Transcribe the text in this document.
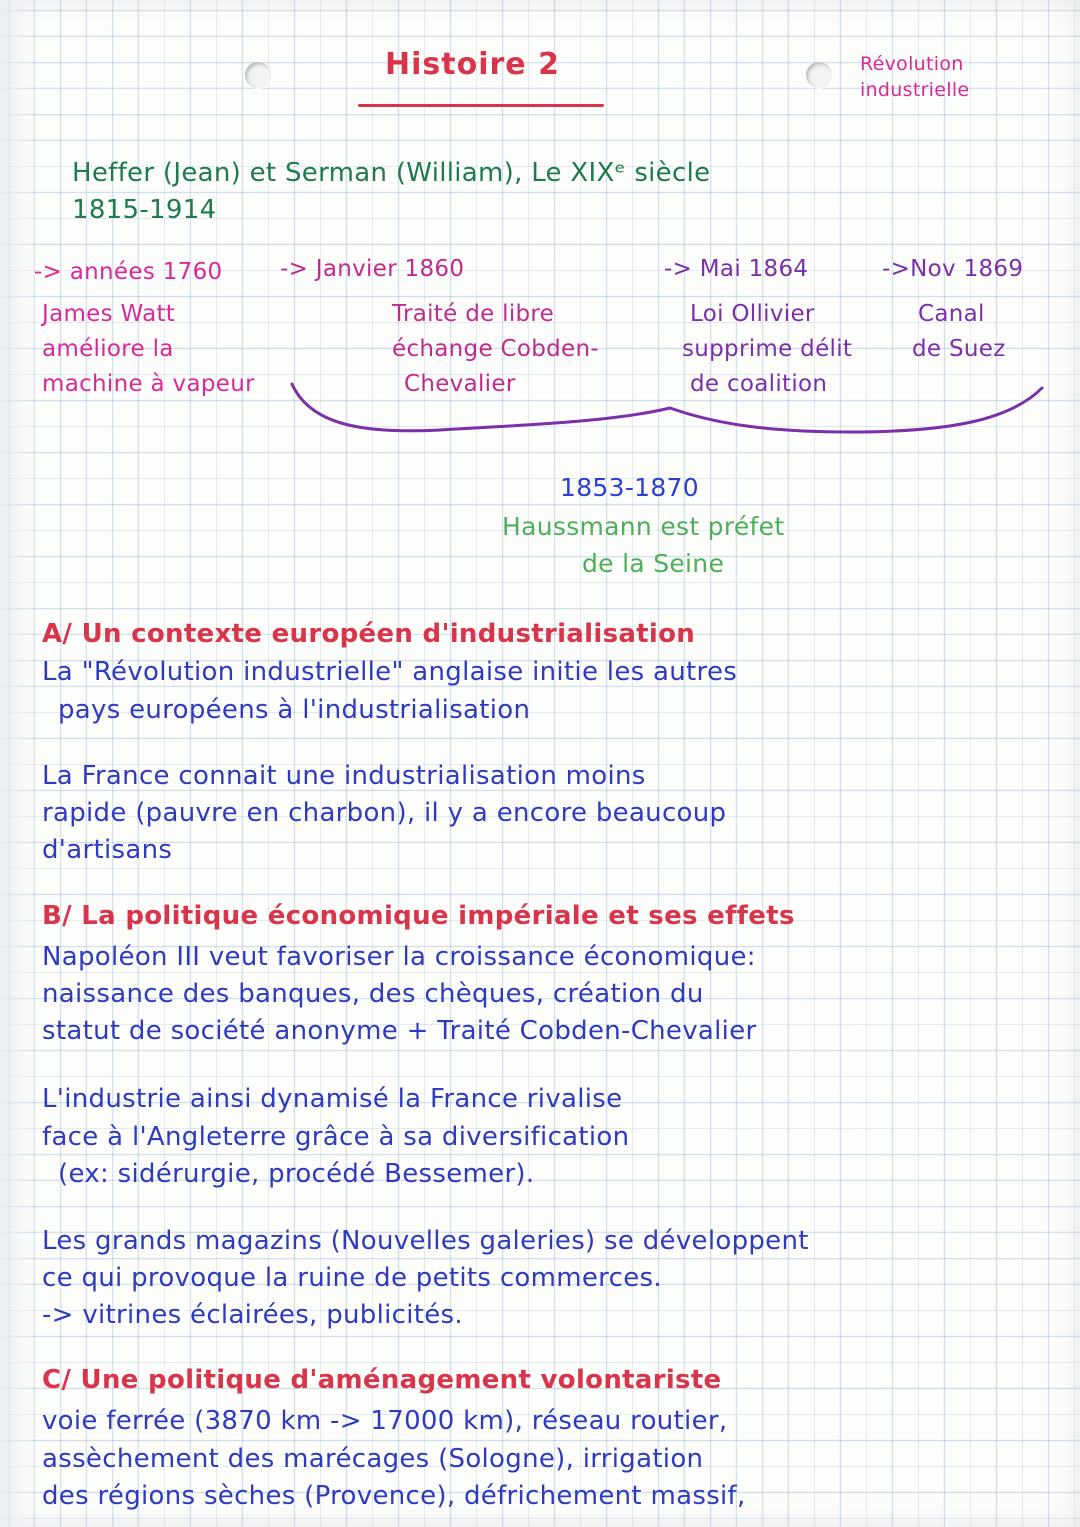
Histoire 2	Révolution
industrielle
Heffer (Jean) et Serman (William), Le XIXᵉ siècle
1815-1914
-> années 1760
James Watt
améliore la
machine à vapeur
-> Janvier 1860
Traité de libre
échange Cobden-
Chevalier
-> Mai 1864
Loi Ollivier
supprime délit
de coalition
->Nov 1869
Canal
de Suez
1853-1870
Haussmann est préfet
de la Seine
A/ Un contexte européen d'industrialisation
La "Révolution industrielle" anglaise initie les autres
pays européens à l'industrialisation
La France connait une industrialisation moins
rapide (pauvre en charbon), il y a encore beaucoup
d'artisans
B/ La politique économique impériale et ses effets
Napoléon III veut favoriser la croissance économique:
naissance des banques, des chèques, création du
statut de société anonyme + Traité Cobden-Chevalier
L'industrie ainsi dynamisé la France rivalise
face à l'Angleterre grâce à sa diversification
(ex: sidérurgie, procédé Bessemer).
Les grands magazins (Nouvelles galeries) se développent
ce qui provoque la ruine de petits commerces.
-> vitrines éclairées, publicités.
C/ Une politique d'aménagement volontariste
voie ferrée (3870 km -> 17000 km), réseau routier,
assèchement des marécages (Sologne), irrigation
des régions sèches (Provence), défrichement massif,
